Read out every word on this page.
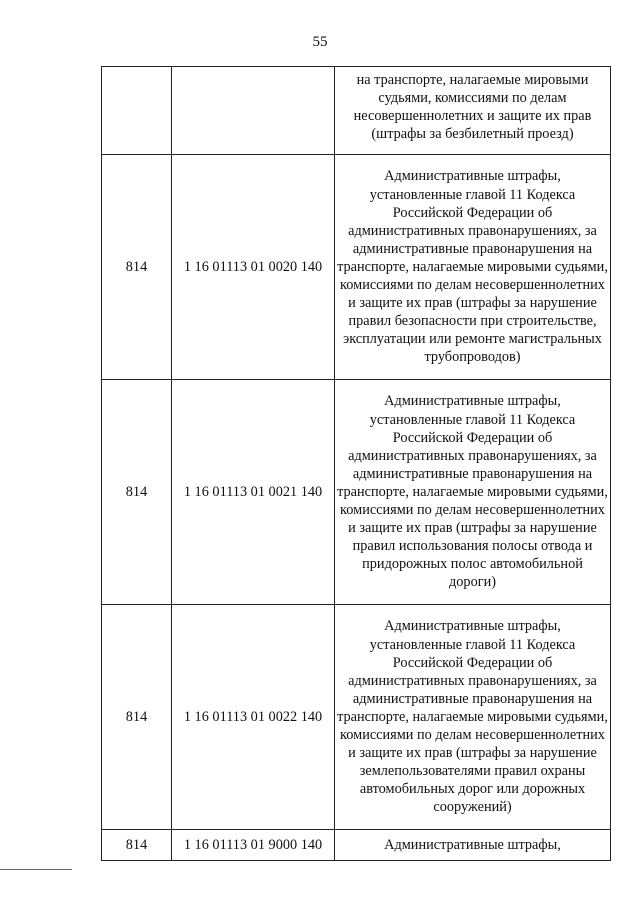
55
		на транспорте, налагаемые мировыми судьями, комиссиями по делам несовершеннолетних и защите их прав (штрафы за безбилетный проезд)
814	1 16 01113 01 0020 140	Административные штрафы, установленные главой 11 Кодекса Российской Федерации об административных правонарушениях, за административные правонарушения на транспорте, налагаемые мировыми судьями, комиссиями по делам несовершеннолетних и защите их прав (штрафы за нарушение правил безопасности при строительстве, эксплуатации или ремонте магистральных трубопроводов)
814	1 16 01113 01 0021 140	Административные штрафы, установленные главой 11 Кодекса Российской Федерации об административных правонарушениях, за административные правонарушения на транспорте, налагаемые мировыми судьями, комиссиями по делам несовершеннолетних и защите их прав (штрафы за нарушение правил использования полосы отвода и придорожных полос автомобильной дороги)
814	1 16 01113 01 0022 140	Административные штрафы, установленные главой 11 Кодекса Российской Федерации об административных правонарушениях, за административные правонарушения на транспорте, налагаемые мировыми судьями, комиссиями по делам несовершеннолетних и защите их прав (штрафы за нарушение землепользователями правил охраны автомобильных дорог или дорожных сооружений)
814	1 16 01113 01 9000 140	Административные штрафы,
